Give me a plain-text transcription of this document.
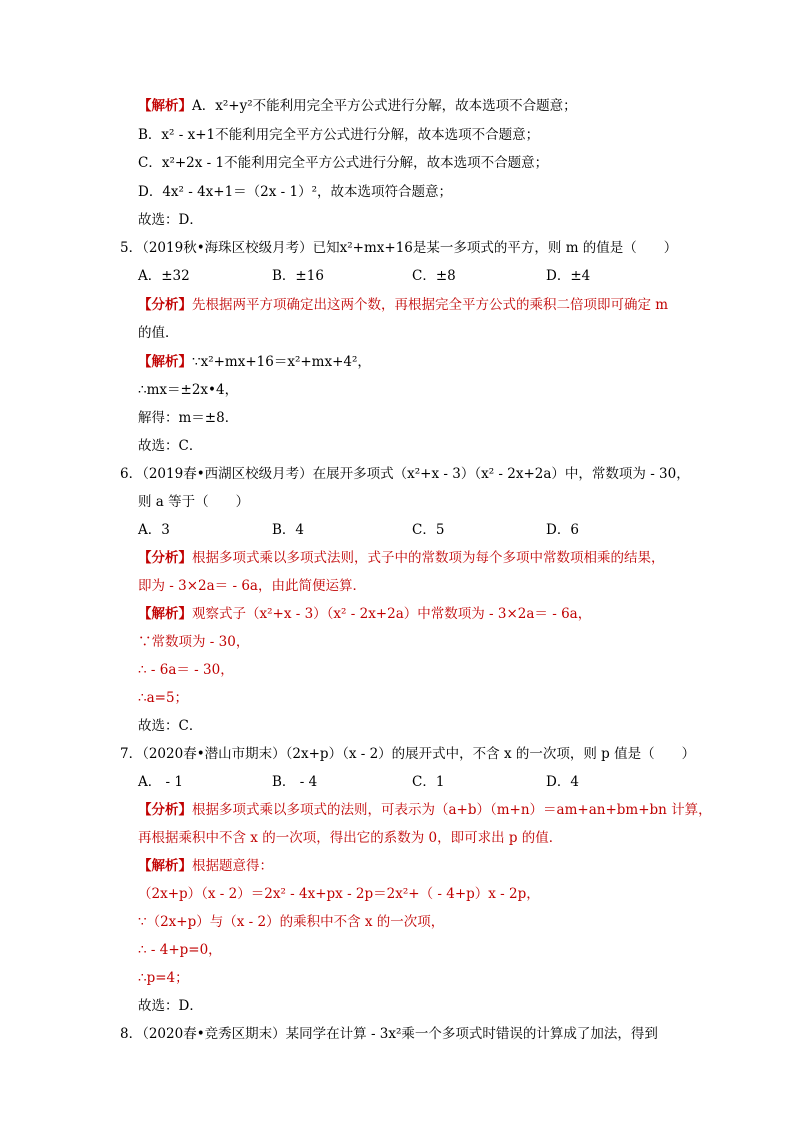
【解析】A．x²+y²不能利用完全平方公式进行分解，故本选项不合题意；
B．x² - x+1不能利用完全平方公式进行分解，故本选项不合题意；
C．x²+2x - 1不能利用完全平方公式进行分解，故本选项不合题意；
D．4x² - 4x+1＝（2x - 1）²，故本选项符合题意；
故选：D．
5．（2019秋•海珠区校级月考）已知x²+mx+16是某一多项式的平方，则 m 的值是（　　）
A．±32	B．±16	C．±8	D．±4
【分析】先根据两平方项确定出这两个数，再根据完全平方公式的乘积二倍项即可确定 m
的值．
【解析】∵x²+mx+16＝x²+mx+4²，
∴mx＝±2x•4，
解得：m＝±8．
故选：C．
6．（2019春•西湖区校级月考）在展开多项式（x²+x - 3）（x² - 2x+2a）中，常数项为 - 30，
则 a 等于（　　）
A．3	B．4	C．5	D．6
【分析】根据多项式乘以多项式法则，式子中的常数项为每个多项中常数项相乘的结果，
即为 - 3×2a＝ - 6a，由此简便运算．
【解析】观察式子（x²+x - 3）（x² - 2x+2a）中常数项为 - 3×2a＝ - 6a，
∵常数项为 - 30，
∴ - 6a＝ - 30，
∴a=5；
故选：C．
7．（2020春•潜山市期末）（2x+p）（x - 2）的展开式中，不含 x 的一次项，则 p 值是（　　）
A． - 1	B． - 4	C．1	D．4
【分析】根据多项式乘以多项式的法则，可表示为（a+b）（m+n）＝am+an+bm+bn 计算，
再根据乘积中不含 x 的一次项，得出它的系数为 0，即可求出 p 的值．
【解析】根据题意得：
（2x+p）（x - 2）＝2x² - 4x+px - 2p＝2x²+（ - 4+p）x - 2p，
∵（2x+p）与（x - 2）的乘积中不含 x 的一次项，
∴ - 4+p=0，
∴p=4；
故选：D．
8．（2020春•竞秀区期末）某同学在计算 - 3x²乘一个多项式时错误的计算成了加法，得到
